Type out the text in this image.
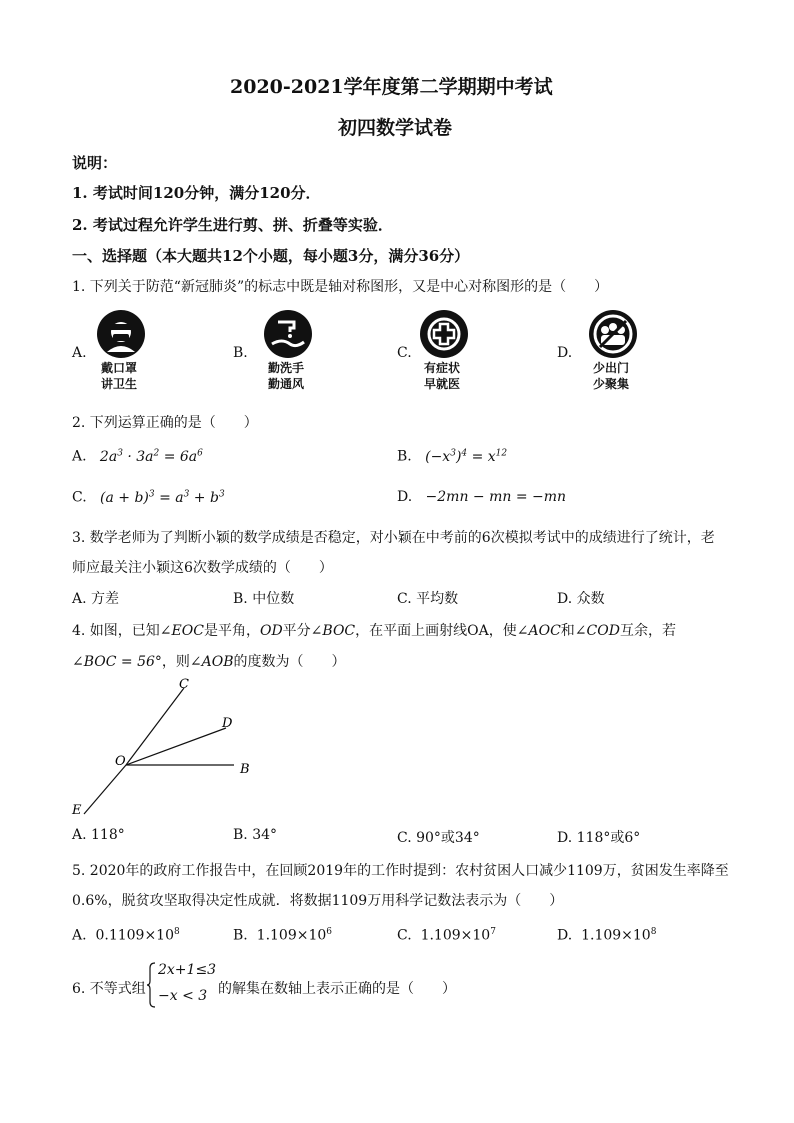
2020-2021学年度第二学期期中考试
初四数学试卷
说明：
1. 考试时间120分钟，满分120分．
2. 考试过程允许学生进行剪、拼、折叠等实验．
一、选择题（本大题共12个小题，每小题3分，满分36分）
1. 下列关于防范“新冠肺炎”的标志中既是轴对称图形，又是中心对称图形的是（　　）
A.
戴口罩
讲卫生
B.
勤洗手
勤通风
C.
有症状
早就医
D.
少出门
少聚集
2. 下列运算正确的是（　　）
A. $2a^3 \cdot 3a^2 = 6a^6$	B. $(-x^3)^4 = x^{12}$
C. $(a + b)^3 = a^3 + b^3$	D. −2mn − mn = −mn
3. 数学老师为了判断小颖的数学成绩是否稳定，对小颖在中考前的6次模拟考试中的成绩进行了统计，老
师应最关注小颖这6次数学成绩的（　　）
A. 方差	B. 中位数	C. 平均数	D. 众数
4. 如图，已知∠EOC是平角，OD平分∠BOC，在平面上画射线OA，使∠AOC和∠COD互余，若
∠BOC = 56°，则∠AOB的度数为（　　）
C
D
O
B
E
A. 118°	B. 34°	C. 90°或34°	D. 118°或6°
5. 2020年的政府工作报告中，在回顾2019年的工作时提到：农村贫困人口减少1109万，贫困发生率降至
0.6%，脱贫攻坚取得决定性成就．将数据1109万用科学记数法表示为（　　）
A. $0.1109\times 10^8$	B. $1.109\times 10^6$	C. $1.109\times 10^7$	D. $1.109\times 10^8$
6. 不等式组
2x+1≤3
−x < 3 的解集在数轴上表示正确的是（　　）
